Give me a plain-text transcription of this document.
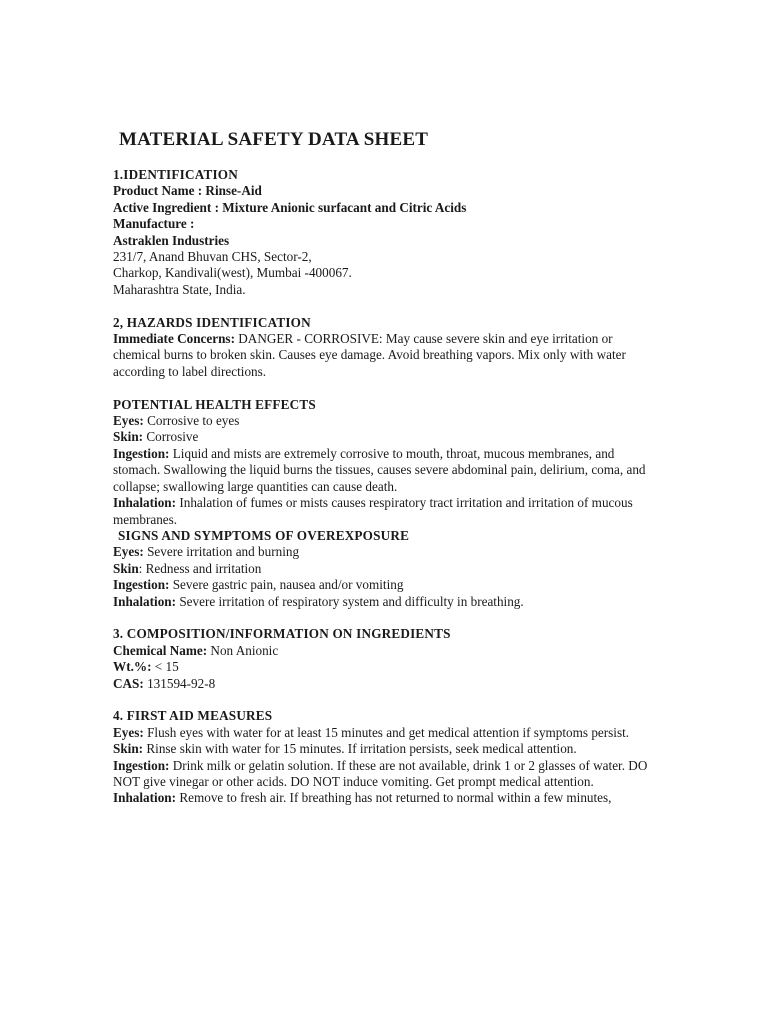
MATERIAL SAFETY DATA SHEET
1.IDENTIFICATION
Product Name : Rinse-Aid
Active Ingredient : Mixture Anionic surfacant and Citric Acids
Manufacture :
Astraklen Industries
231/7, Anand Bhuvan CHS, Sector-2,
Charkop, Kandivali(west), Mumbai -400067.
Maharashtra State, India.
2, HAZARDS IDENTIFICATION
Immediate Concerns: DANGER - CORROSIVE: May cause severe skin and eye irritation or chemical burns to broken skin. Causes eye damage. Avoid breathing vapors. Mix only with water according to label directions.
POTENTIAL HEALTH EFFECTS
Eyes: Corrosive to eyes
Skin: Corrosive
Ingestion: Liquid and mists are extremely corrosive to mouth, throat, mucous membranes, and stomach. Swallowing the liquid burns the tissues, causes severe abdominal pain, delirium, coma, and collapse; swallowing large quantities can cause death.
Inhalation: Inhalation of fumes or mists causes respiratory tract irritation and irritation of mucous membranes.
SIGNS AND SYMPTOMS OF OVEREXPOSURE
Eyes: Severe irritation and burning
Skin: Redness and irritation
Ingestion: Severe gastric pain, nausea and/or vomiting
Inhalation: Severe irritation of respiratory system and difficulty in breathing.
3. COMPOSITION/INFORMATION ON INGREDIENTS
Chemical Name: Non Anionic
Wt.%: < 15
CAS: 131594-92-8
4. FIRST AID MEASURES
Eyes: Flush eyes with water for at least 15 minutes and get medical attention if symptoms persist.
Skin: Rinse skin with water for 15 minutes. If irritation persists, seek medical attention.
Ingestion: Drink milk or gelatin solution. If these are not available, drink 1 or 2 glasses of water. DO NOT give vinegar or other acids. DO NOT induce vomiting. Get prompt medical attention.
Inhalation: Remove to fresh air. If breathing has not returned to normal within a few minutes,
